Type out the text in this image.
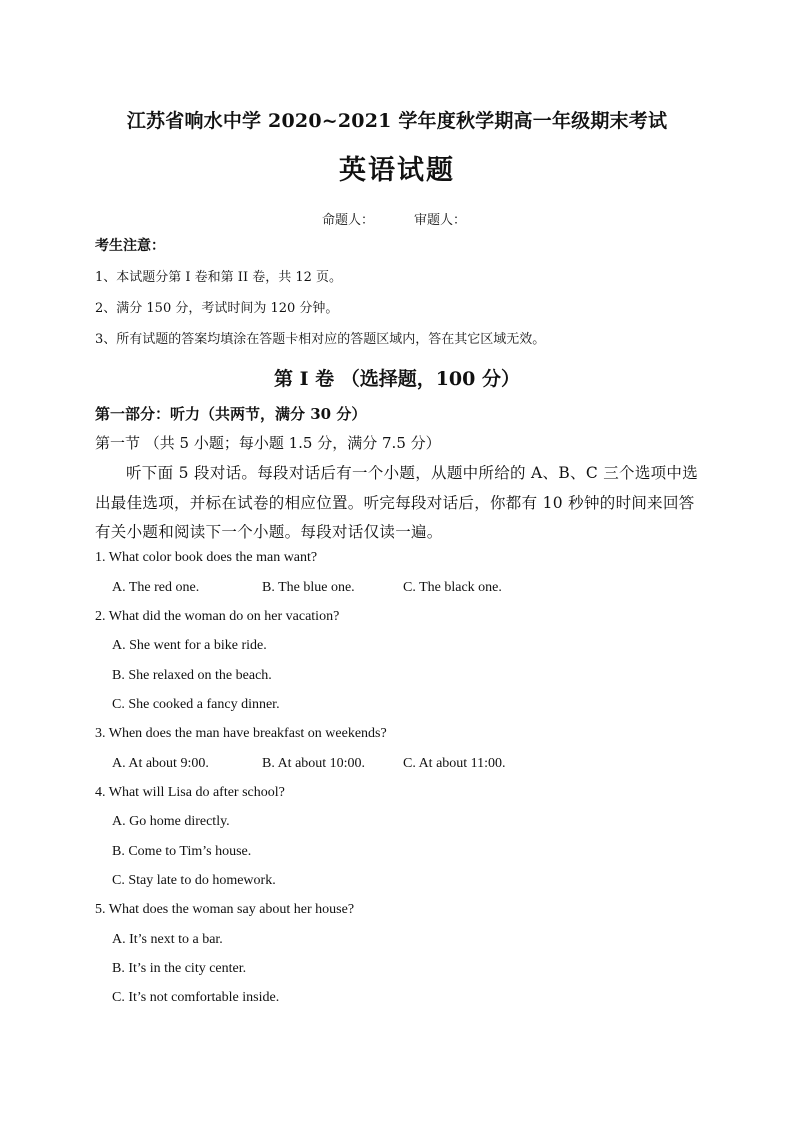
江苏省响水中学 2020~2021 学年度秋学期高一年级期末考试
英语试题
命题人：	审题人：
考生注意：
1、本试题分第 I 卷和第 II 卷，共 12 页。
2、满分 150 分，考试时间为 120 分钟。
3、所有试题的答案均填涂在答题卡相对应的答题区域内，答在其它区域无效。
第 I 卷 （选择题，100 分）
第一部分：听力（共两节，满分 30 分）
第一节 （共 5 小题；每小题 1.5 分，满分 7.5 分）
听下面 5 段对话。每段对话后有一个小题，从题中所给的 A、B、C 三个选项中选出最佳选项，并标在试卷的相应位置。听完每段对话后，你都有 10 秒钟的时间来回答有关小题和阅读下一个小题。每段对话仅读一遍。
1. What color book does the man want?
A. The red one.	B. The blue one.	C. The black one.
2. What did the woman do on her vacation?
A. She went for a bike ride.
B. She relaxed on the beach.
C. She cooked a fancy dinner.
3. When does the man have breakfast on weekends?
A. At about 9:00.	B. At about 10:00.	C. At about 11:00.
4. What will Lisa do after school?
A. Go home directly.
B. Come to Tim’s house.
C. Stay late to do homework.
5. What does the woman say about her house?
A. It’s next to a bar.
B. It’s in the city center.
C. It’s not comfortable inside.
